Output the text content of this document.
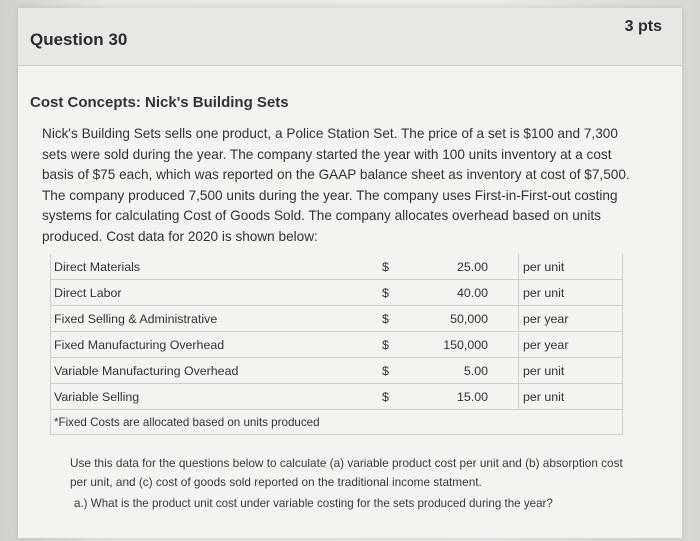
Question 30
3 pts
Cost Concepts: Nick's Building Sets
Nick's Building Sets sells one product, a Police Station Set. The price of a set is $100 and 7,300 sets were sold during the year. The company started the year with 100 units inventory at a cost basis of $75 each, which was reported on the GAAP balance sheet as inventory at cost of $7,500. The company produced 7,500 units during the year. The company uses First-in-First-out costing systems for calculating Cost of Goods Sold. The company allocates overhead based on units produced. Cost data for 2020 is shown below:
Direct Materials	$	25.00	per unit
Direct Labor	$	40.00	per unit
Fixed Selling & Administrative	$	50,000	per year
Fixed Manufacturing Overhead	$	150,000	per year
Variable Manufacturing Overhead	$	5.00	per unit
Variable Selling	$	15.00	per unit
*Fixed Costs are allocated based on units produced			
Use this data for the questions below to calculate (a) variable product cost per unit and (b) absorption cost per unit, and (c) cost of goods sold reported on the traditional income statment.
a.) What is the product unit cost under variable costing for the sets produced during the year?
